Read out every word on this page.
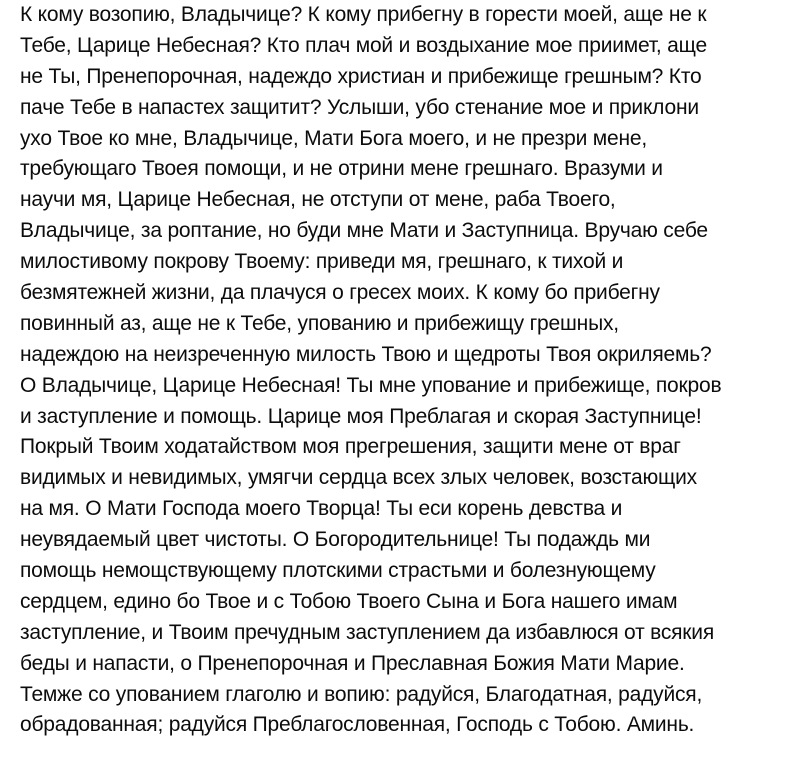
К кому возопию, Владычице? К кому прибегну в горести моей, аще не к
Тебе, Царице Небесная? Кто плач мой и воздыхание мое приимет, аще
не Ты, Пренепорочная, надеждо христиан и прибежище грешным? Кто
паче Тебе в напастех защитит? Услыши, убо стенание мое и приклони
ухо Твое ко мне, Владычице, Мати Бога моего, и не презри мене,
требующаго Твоея помощи, и не отрини мене грешнаго. Вразуми и
научи мя, Царице Небесная, не отступи от мене, раба Твоего,
Владычице, за роптание, но буди мне Мати и Заступница. Вручаю себе
милостивому покрову Твоему: приведи мя, грешнаго, к тихой и
безмятежней жизни, да плачуся о гресех моих. К кому бо прибегну
повинный аз, аще не к Тебе, упованию и прибежищу грешных,
надеждою на неизреченную милость Твою и щедроты Твоя окриляемь?
О Владычице, Царице Небесная! Ты мне упование и прибежище, покров
и заступление и помощь. Царице моя Преблагая и скорая Заступнице!
Покрый Твоим ходатайством моя прегрешения, защити мене от враг
видимых и невидимых, умягчи сердца всех злых человек, возстающих
на мя. О Мати Господа моего Творца! Ты еси корень девства и
неувядаемый цвет чистоты. О Богородительнице! Ты подаждь ми
помощь немощствующему плотскими страстьми и болезнующему
сердцем, едино бо Твое и с Тобою Твоего Сына и Бога нашего имам
заступление, и Твоим пречудным заступлением да избавлюся от всякия
беды и напасти, о Пренепорочная и Преславная Божия Мати Марие.
Темже со упованием глаголю и вопию: радуйся, Благодатная, радуйся,
обрадованная; радуйся Преблагословенная, Господь с Тобою. Аминь.
